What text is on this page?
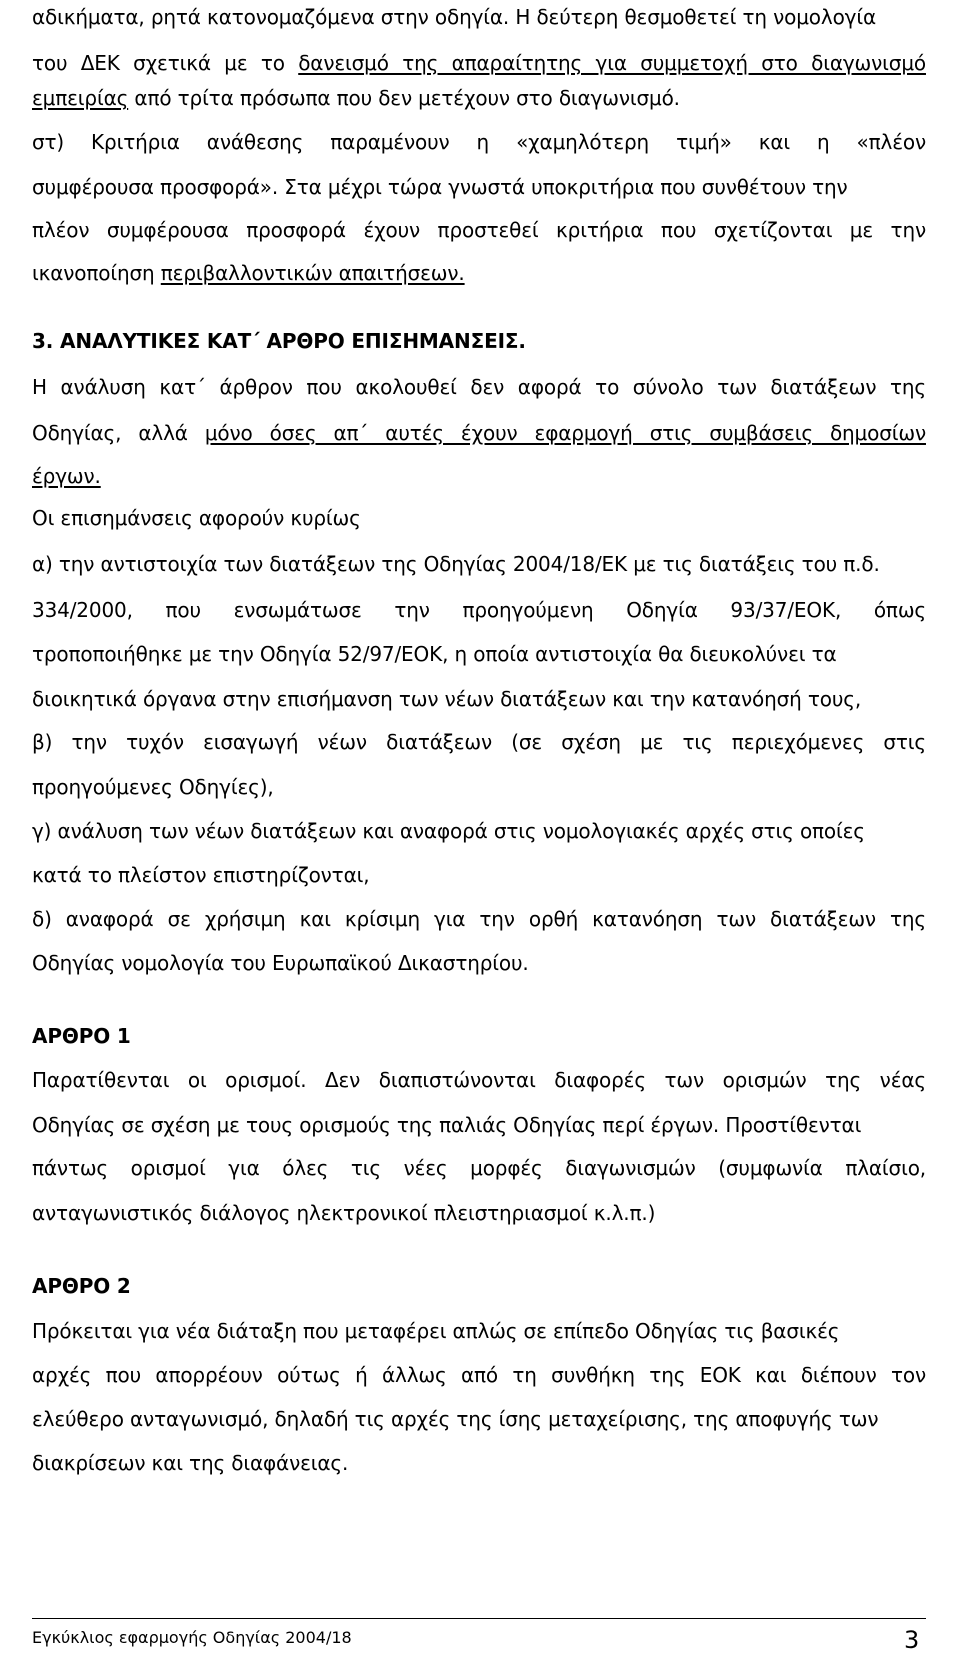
αδικήματα, ρητά κατονομαζόμενα στην οδηγία. Η δεύτερη θεσμοθετεί τη νομολογία
του ΔΕΚ σχετικά με το δανεισμό της απαραίτητης για συμμετοχή στο διαγωνισμό
εμπειρίας από τρίτα πρόσωπα που δεν μετέχουν στο διαγωνισμό.
στ) Κριτήρια ανάθεσης παραμένουν η «χαμηλότερη τιμή» και η «πλέον
συμφέρουσα προσφορά». Στα μέχρι τώρα γνωστά υποκριτήρια που συνθέτουν την
πλέον συμφέρουσα προσφορά έχουν προστεθεί κριτήρια που σχετίζονται με την
ικανοποίηση περιβαλλοντικών απαιτήσεων.
3. ΑΝΑΛΥΤΙΚΕΣ ΚΑΤ΄ ΑΡΘΡΟ ΕΠΙΣΗΜΑΝΣΕΙΣ.
Η ανάλυση κατ΄ άρθρον που ακολουθεί δεν αφορά το σύνολο των διατάξεων της
Οδηγίας, αλλά μόνο όσες απ΄ αυτές έχουν εφαρμογή στις συμβάσεις δημοσίων
έργων.
Οι επισημάνσεις αφορούν κυρίως
α) την αντιστοιχία των διατάξεων της Οδηγίας 2004/18/ΕΚ με τις διατάξεις του π.δ.
334/2000, που ενσωμάτωσε την προηγούμενη Οδηγία 93/37/ΕΟΚ, όπως
τροποποιήθηκε με την Οδηγία 52/97/ΕΟΚ, η οποία αντιστοιχία θα διευκολύνει τα
διοικητικά όργανα στην επισήμανση των νέων διατάξεων και την κατανόησή τους,
β) την τυχόν εισαγωγή νέων διατάξεων (σε σχέση με τις περιεχόμενες στις
προηγούμενες Οδηγίες),
γ) ανάλυση των νέων διατάξεων και αναφορά στις νομολογιακές αρχές στις οποίες
κατά το πλείστον επιστηρίζονται,
δ) αναφορά σε χρήσιμη και κρίσιμη για την ορθή κατανόηση των διατάξεων της
Οδηγίας νομολογία του Ευρωπαϊκού Δικαστηρίου.
ΑΡΘΡΟ 1
Παρατίθενται οι ορισμοί. Δεν διαπιστώνονται διαφορές των ορισμών της νέας
Οδηγίας σε σχέση με τους ορισμούς της παλιάς Οδηγίας περί έργων. Προστίθενται
πάντως ορισμοί για όλες τις νέες μορφές διαγωνισμών (συμφωνία πλαίσιο,
ανταγωνιστικός διάλογος ηλεκτρονικοί πλειστηριασμοί κ.λ.π.)
ΑΡΘΡΟ 2
Πρόκειται για νέα διάταξη που μεταφέρει απλώς σε επίπεδο Οδηγίας τις βασικές
αρχές που απορρέουν ούτως ή άλλως από τη συνθήκη της ΕΟΚ και διέπουν τον
ελεύθερο ανταγωνισμό, δηλαδή τις αρχές της ίσης μεταχείρισης, της αποφυγής των
διακρίσεων και της διαφάνειας.
Εγκύκλιος εφαρμογής Οδηγίας 2004/18	3
